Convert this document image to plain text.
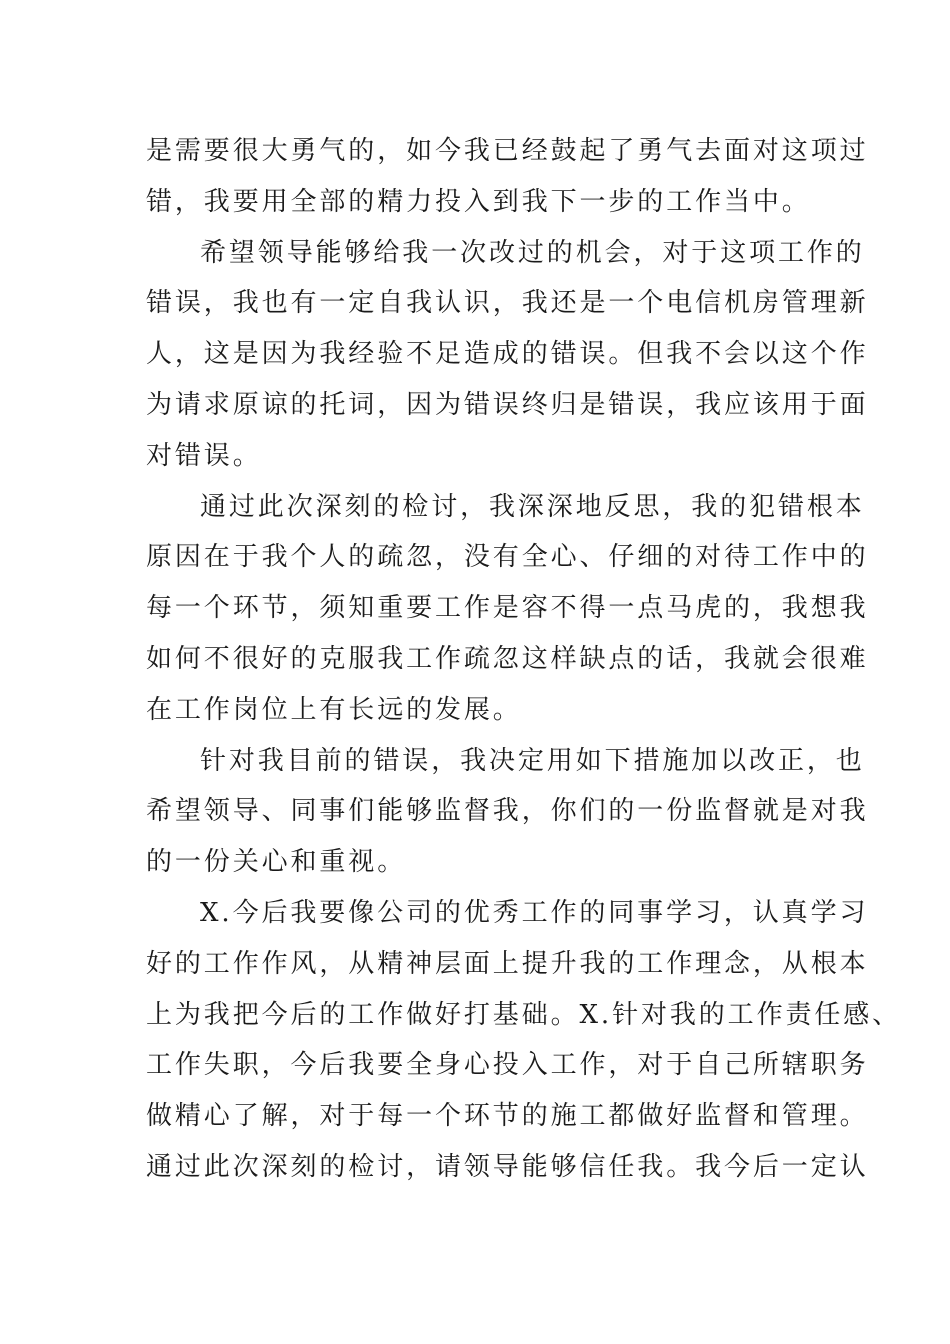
是需要很大勇气的，如今我已经鼓起了勇气去面对这项过
错，我要用全部的精力投入到我下一步的工作当中。
希望领导能够给我一次改过的机会，对于这项工作的
错误，我也有一定自我认识，我还是一个电信机房管理新
人，这是因为我经验不足造成的错误。但我不会以这个作
为请求原谅的托词，因为错误终归是错误，我应该用于面
对错误。
通过此次深刻的检讨，我深深地反思，我的犯错根本
原因在于我个人的疏忽，没有全心、仔细的对待工作中的
每一个环节，须知重要工作是容不得一点马虎的，我想我
如何不很好的克服我工作疏忽这样缺点的话，我就会很难
在工作岗位上有长远的发展。
针对我目前的错误，我决定用如下措施加以改正，也
希望领导、同事们能够监督我，你们的一份监督就是对我
的一份关心和重视。
X.今后我要像公司的优秀工作的同事学习，认真学习
好的工作作风，从精神层面上提升我的工作理念，从根本
上为我把今后的工作做好打基础。X.针对我的工作责任感、
工作失职，今后我要全身心投入工作，对于自己所辖职务
做精心了解，对于每一个环节的施工都做好监督和管理。
通过此次深刻的检讨，请领导能够信任我。我今后一定认
